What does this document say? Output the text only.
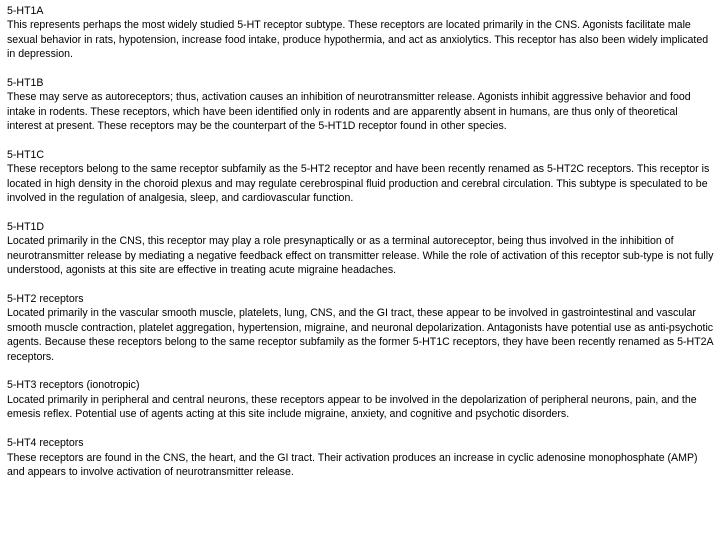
5-HT1A
This represents perhaps the most widely studied 5-HT receptor subtype. These receptors are located primarily in the CNS. Agonists facilitate male sexual behavior in rats, hypotension, increase food intake, produce hypothermia, and act as anxiolytics. This receptor has also been widely implicated in depression.
5-HT1B
These may serve as autoreceptors; thus, activation causes an inhibition of neurotransmitter release. Agonists inhibit aggressive behavior and food intake in rodents. These receptors, which have been identified only in rodents and are apparently absent in humans, are thus only of theoretical interest at present. These receptors may be the counterpart of the 5-HT1D receptor found in other species.
5-HT1C
These receptors belong to the same receptor subfamily as the 5-HT2 receptor and have been recently renamed as 5-HT2C receptors. This receptor is located in high density in the choroid plexus and may regulate cerebrospinal fluid production and cerebral circulation. This subtype is speculated to be involved in the regulation of analgesia, sleep, and cardiovascular function.
5-HT1D
Located primarily in the CNS, this receptor may play a role presynaptically or as a terminal autoreceptor, being thus involved in the inhibition of neurotransmitter release by mediating a negative feedback effect on transmitter release. While the role of activation of this receptor sub-type is not fully understood, agonists at this site are effective in treating acute migraine headaches.
5-HT2 receptors
Located primarily in the vascular smooth muscle, platelets, lung, CNS, and the GI tract, these appear to be involved in gastrointestinal and vascular smooth muscle contraction, platelet aggregation, hypertension, migraine, and neuronal depolarization. Antagonists have potential use as anti-psychotic agents. Because these receptors belong to the same receptor subfamily as the former 5-HT1C receptors, they have been recently renamed as 5-HT2A receptors.
5-HT3 receptors (ionotropic)
Located primarily in peripheral and central neurons, these receptors appear to be involved in the depolarization of peripheral neurons, pain, and the emesis reflex. Potential use of agents acting at this site include migraine, anxiety, and cognitive and psychotic disorders.
5-HT4 receptors
These receptors are found in the CNS, the heart, and the GI tract. Their activation produces an increase in cyclic adenosine monophosphate (AMP) and appears to involve activation of neurotransmitter release.
